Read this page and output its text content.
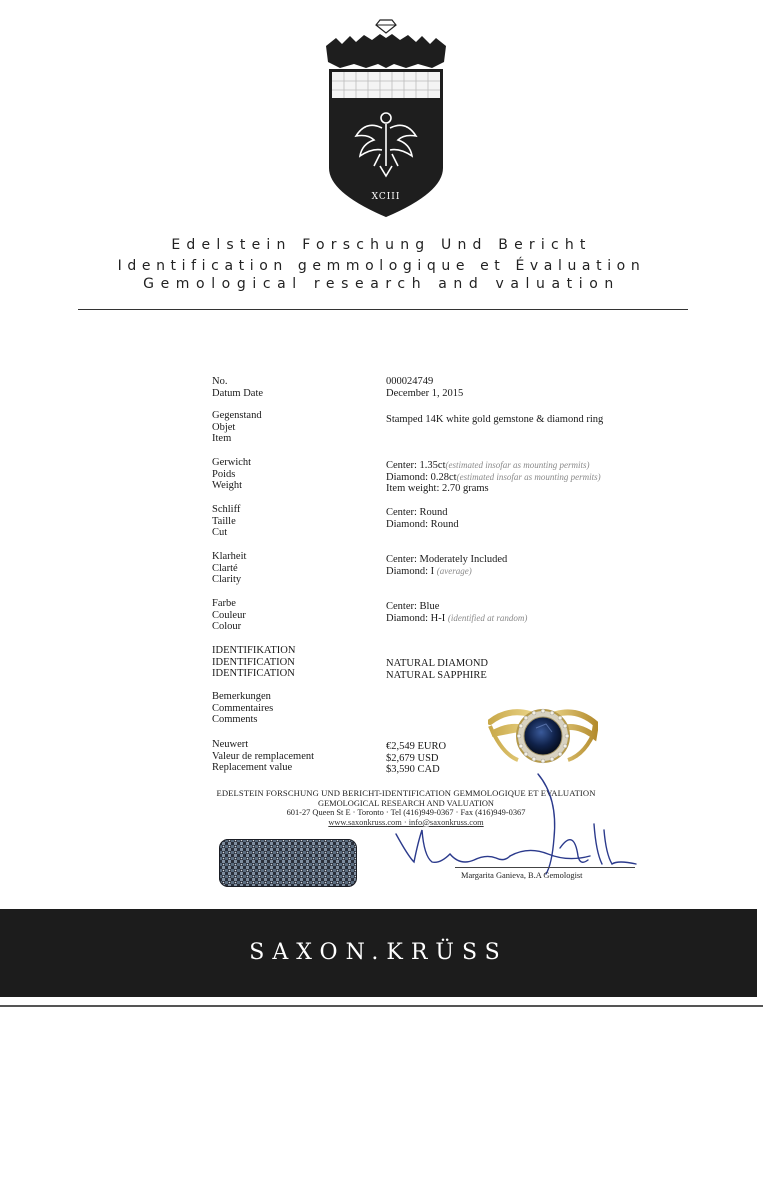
XCIII
Edelstein Forschung Und Bericht
Identification gemmologique et Évaluation
Gemological research and valuation
No.
Datum Date
000024749
December 1, 2015
Gegenstand
Objet
Item
Stamped 14K white gold gemstone & diamond ring
Gerwicht
Poids
Weight
Center: 1.35ct(estimated insofar as mounting permits)
Diamond: 0.28ct(estimated insofar as mounting permits)
Item weight: 2.70 grams
Schliff
Taille
Cut
Center: Round
Diamond: Round
Klarheit
Clarté
Clarity
Center: Moderately Included
Diamond: I (average)
Farbe
Couleur
Colour
Center: Blue
Diamond: H-I (identified at random)
IDENTIFIKATION
IDENTIFICATION
IDENTIFICATION
NATURAL DIAMOND
NATURAL SAPPHIRE
Bemerkungen
Commentaires
Comments
Neuwert
Valeur de remplacement
Replacement value
€2,549 EURO
$2,679 USD
$3,590 CAD
EDELSTEIN FORSCHUNG UND BERICHT-IDENTIFICATION GEMMOLOGIQUE ET EVALUATION
GEMOLOGICAL RESEARCH AND VALUATION
601-27 Queen St E · Toronto · Tel (416)949-0367 · Fax (416)949-0367
www.saxonkruss.com · info@saxonkruss.com
Margarita Ganieva, B.A Gemologist
SAXON.KRÜSS
